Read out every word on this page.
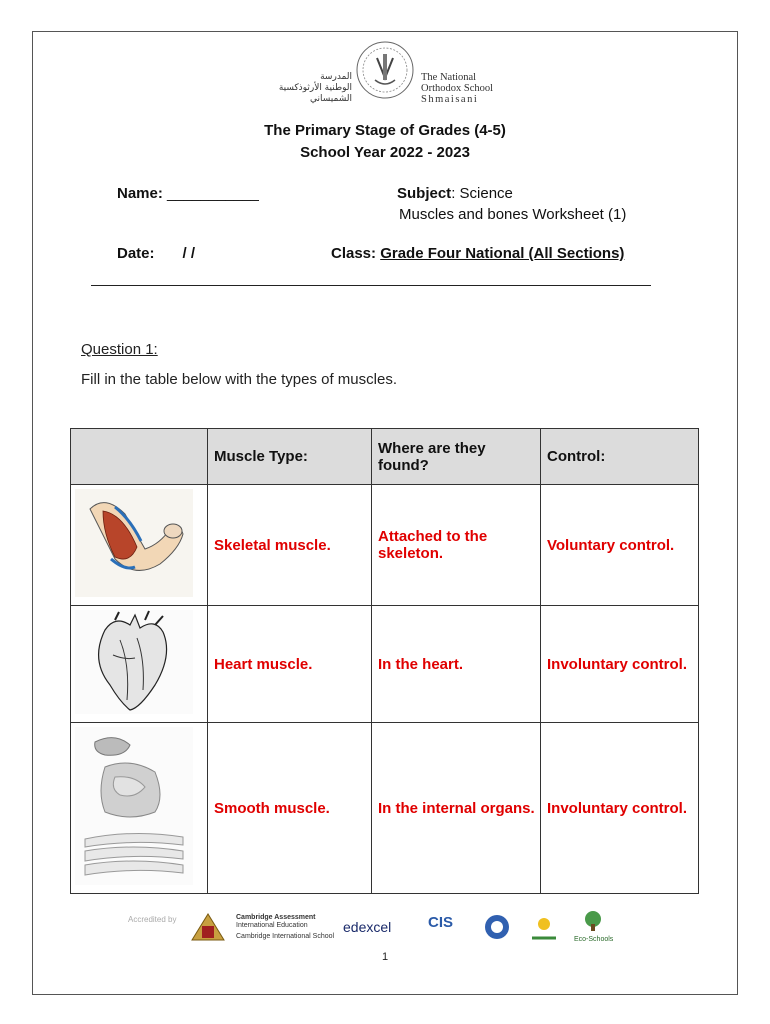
المدرسة
الوطنية الأرثوذكسية
الشميساني
The National
Orthodox School
Shmaisani
The Primary Stage of Grades (4-5)
School Year 2022 - 2023
Name: ___________	Subject: Science
Muscles and bones Worksheet (1)
Date: / /	Class: Grade Four National (All Sections)
Question 1:
Fill in the table below with the types of muscles.
	Muscle Type:	Where are they found?	Control:
	Skeletal muscle.	Attached to the skeleton.	Voluntary control.
	Heart muscle.	In the heart.	Involuntary control.
	Smooth muscle.	In the internal organs.	Involuntary control.
Accredited by	Cambridge Assessment
International Education
Cambridge International School
edexcel CIS
Eco-Schools
1
